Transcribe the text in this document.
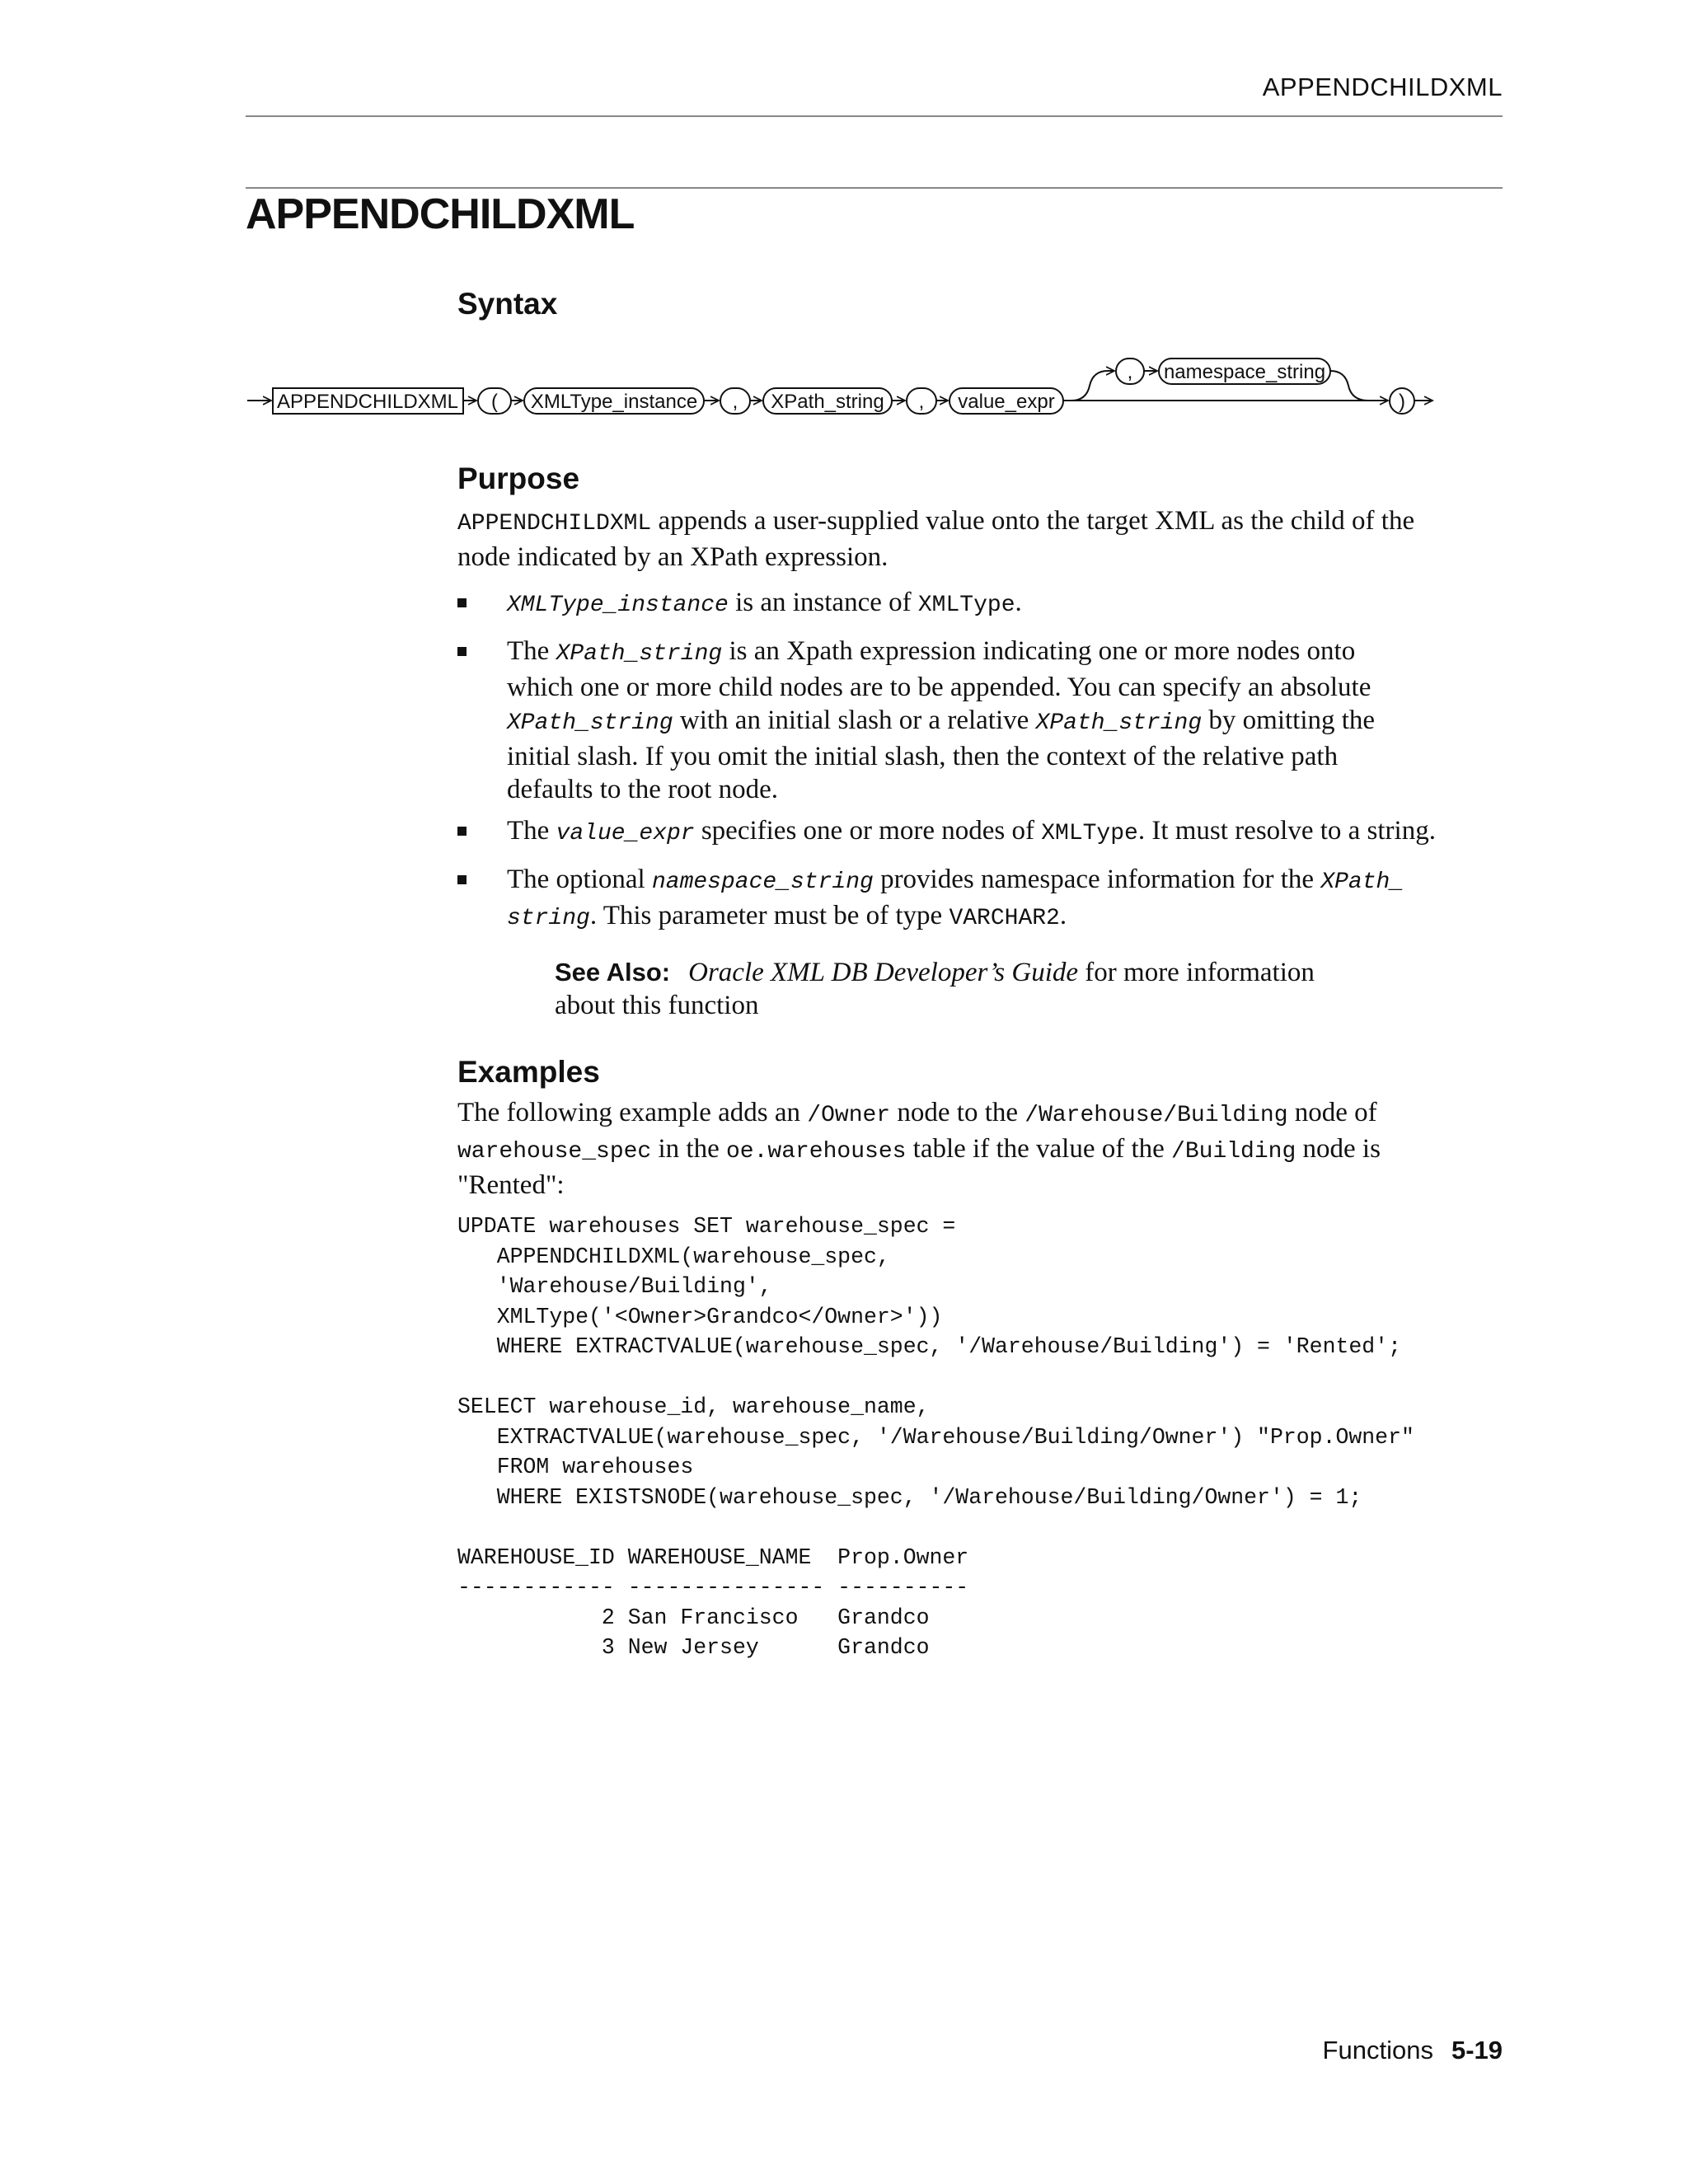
APPENDCHILDXML
APPENDCHILDXML
Syntax
APPENDCHILDXML ( XMLType_instance , XPath_string , value_expr
, namespace_string
)
Purpose
APPENDCHILDXML appends a user-supplied value onto the target XML as the child of the
node indicated by an XPath expression.
XMLType_instance is an instance of XMLType.
The XPath_string is an Xpath expression indicating one or more nodes onto
which one or more child nodes are to be appended. You can specify an absolute
XPath_string with an initial slash or a relative XPath_string by omitting the
initial slash. If you omit the initial slash, then the context of the relative path
defaults to the root node.
The value_expr specifies one or more nodes of XMLType. It must resolve to a string.
The optional namespace_string provides namespace information for the XPath_
string. This parameter must be of type VARCHAR2.
See Also: Oracle XML DB Developer’s Guide for more information
about this function
Examples
The following example adds an /Owner node to the /Warehouse/Building node of
warehouse_spec in the oe.warehouses table if the value of the /Building node is
"Rented":
UPDATE warehouses SET warehouse_spec =
APPENDCHILDXML(warehouse_spec,
'Warehouse/Building',
XMLType('<Owner>Grandco</Owner>'))
WHERE EXTRACTVALUE(warehouse_spec, '/Warehouse/Building') = 'Rented';

SELECT warehouse_id, warehouse_name,
EXTRACTVALUE(warehouse_spec, '/Warehouse/Building/Owner') "Prop.Owner"
FROM warehouses
WHERE EXISTSNODE(warehouse_spec, '/Warehouse/Building/Owner') = 1;

WAREHOUSE_ID WAREHOUSE_NAME  Prop.Owner
------------ --------------- ----------
2 San Francisco   Grandco
3 New Jersey      Grandco
Functions 5-19
